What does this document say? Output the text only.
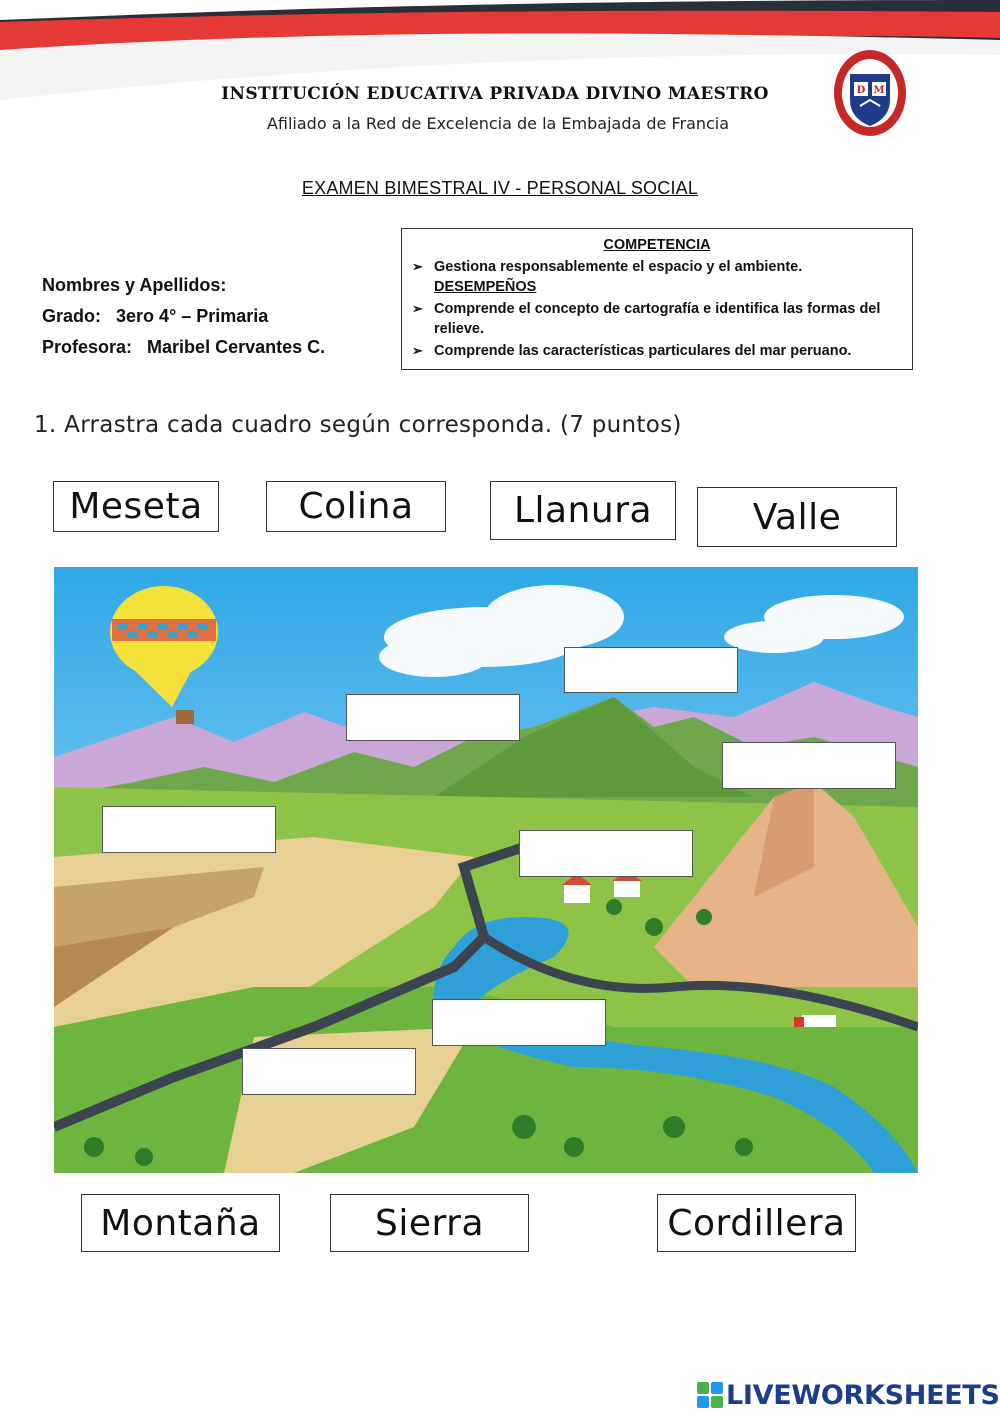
INSTITUCIÓN EDUCATIVA PRIVADA DIVINO MAESTRO
Afiliado a la Red de Excelencia de la Embajada de Francia
D M
EXAMEN BIMESTRAL IV - PERSONAL SOCIAL
Nombres y Apellidos:
Grado: 3ero 4° – Primaria
Profesora: Maribel Cervantes C.
COMPETENCIA
➢ Gestiona responsablemente el espacio y el ambiente.
DESEMPEÑOS
➢ Comprende el concepto de cartografía e identifica las formas del relieve.
➢ Comprende las características particulares del mar peruano.
1. Arrastra cada cuadro según corresponda. (7 puntos)
Meseta	Colina	Llanura	Valle
Montaña	Sierra	Cordillera
LIVEWORKSHEETS
